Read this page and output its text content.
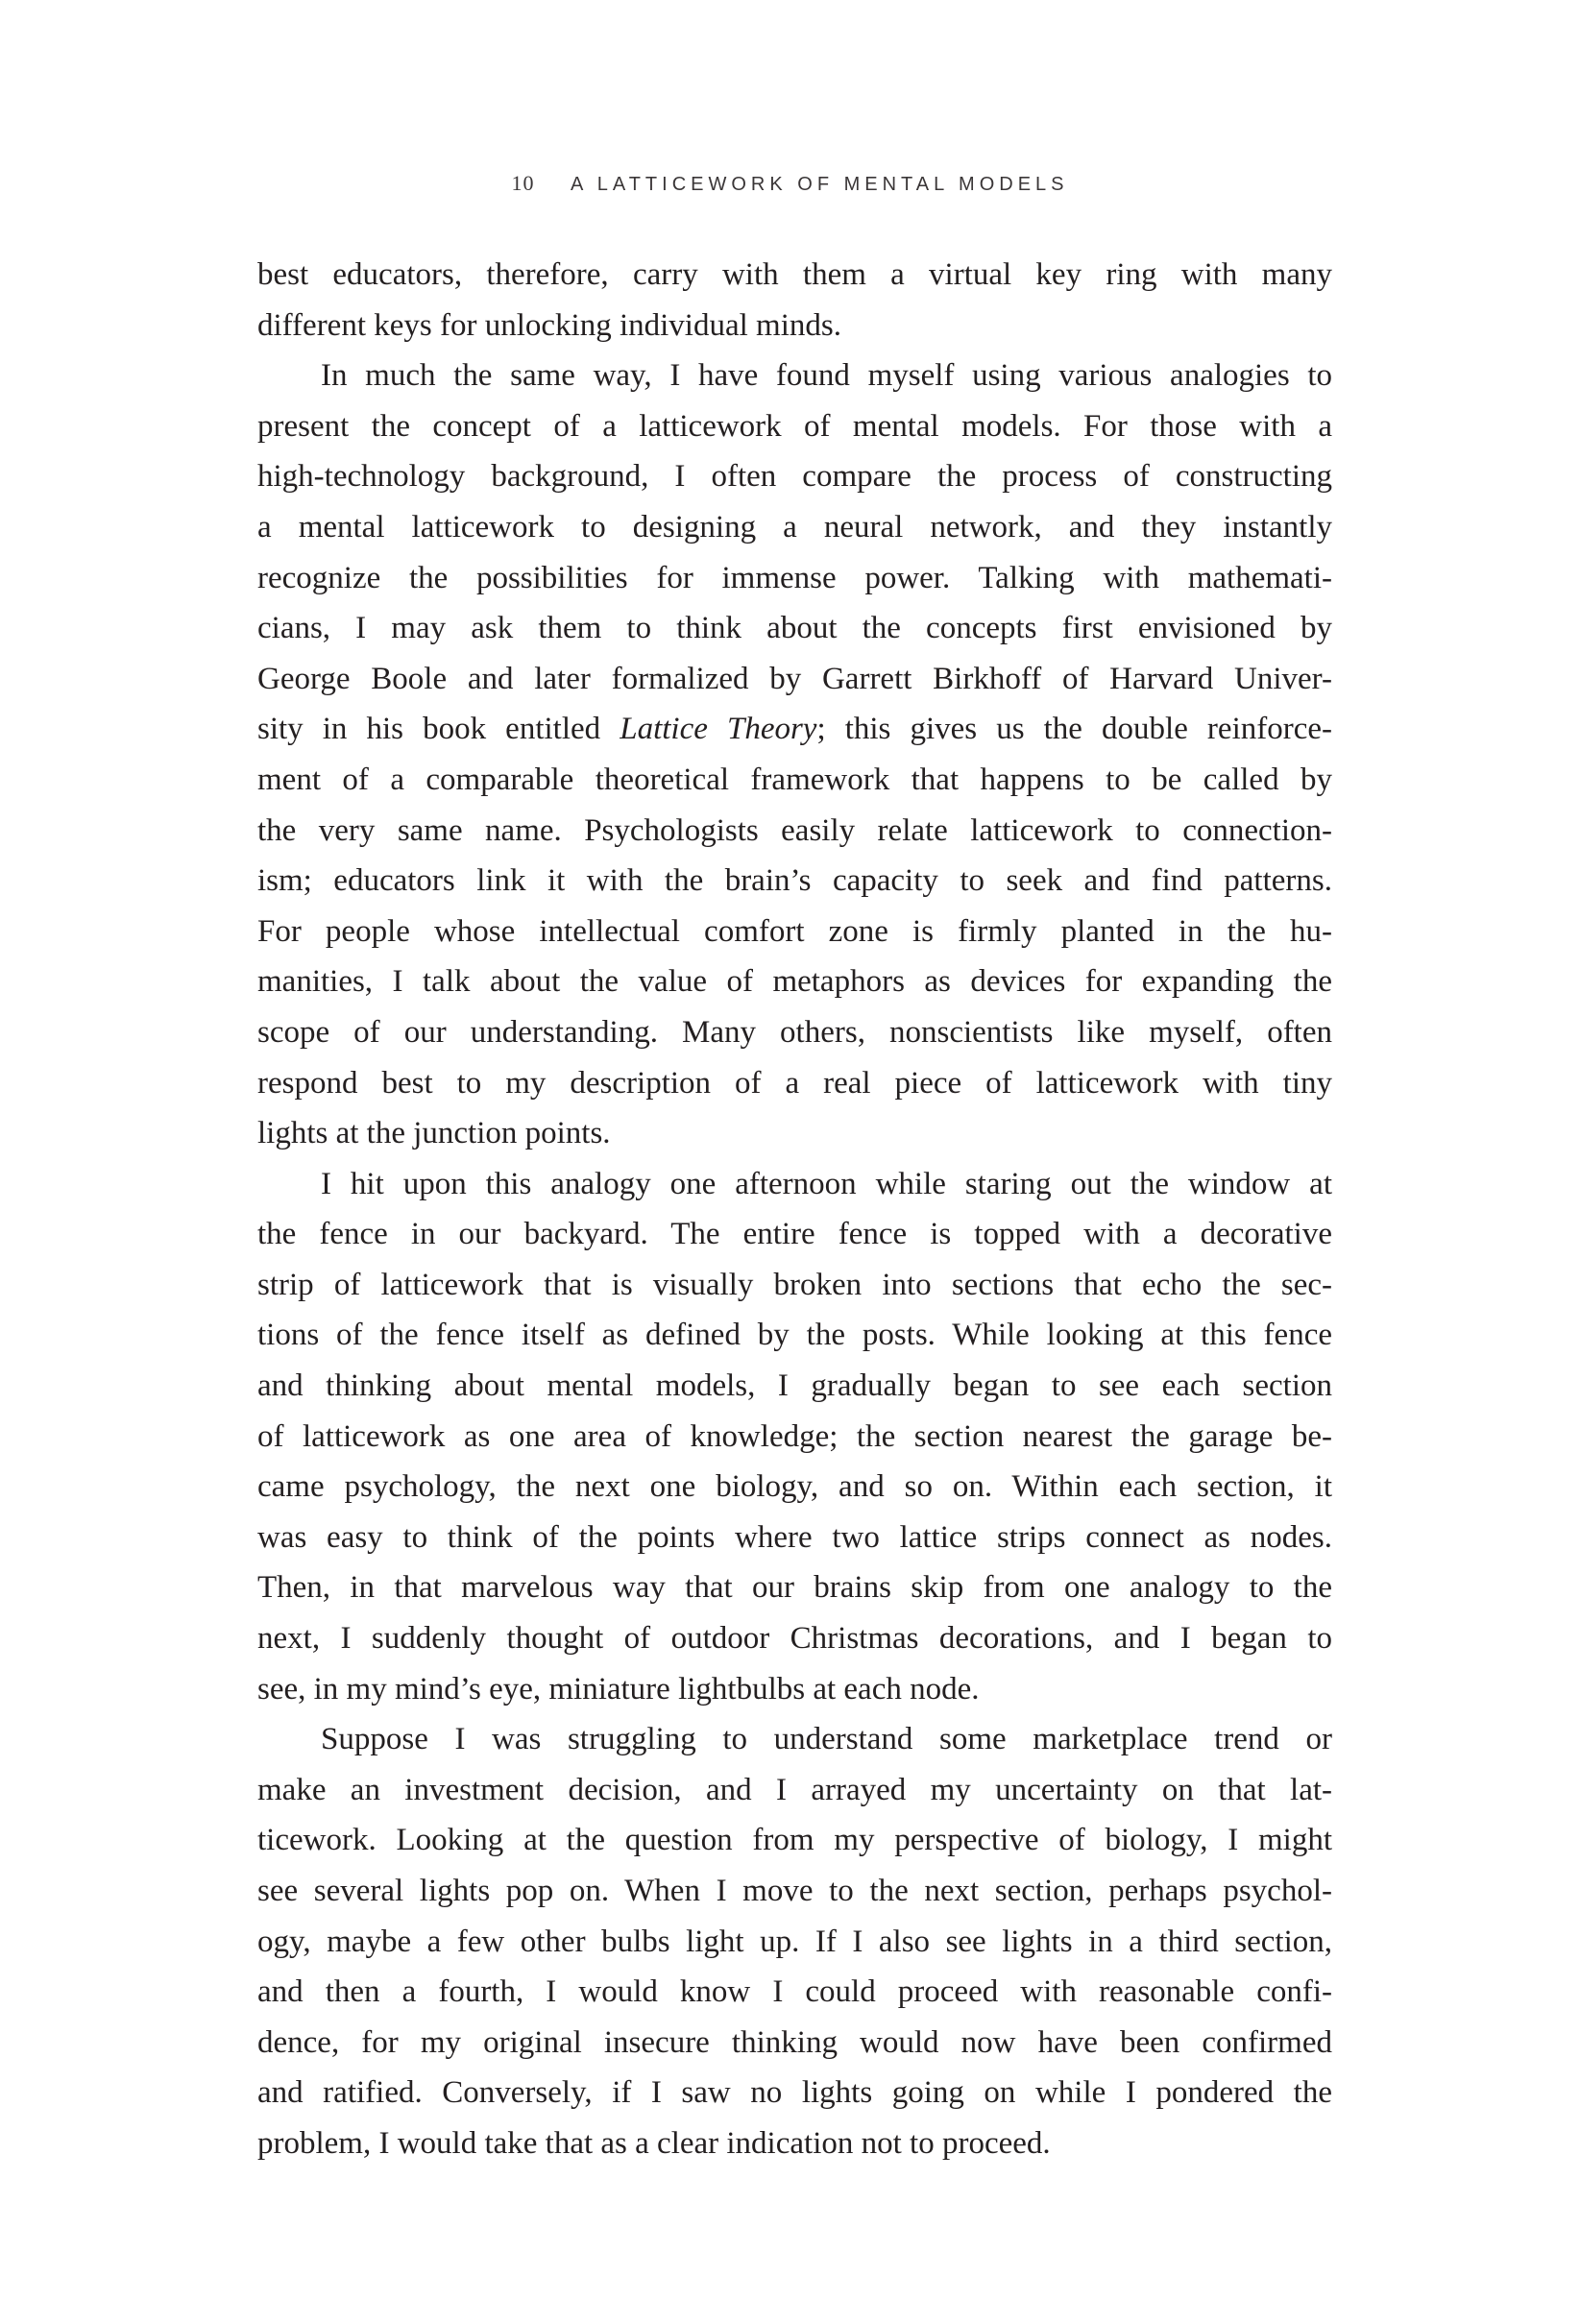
10 A LATTICEWORK OF MENTAL MODELS
best educators, therefore, carry with them a virtual key ring with many
different keys for unlocking individual minds.
In much the same way, I have found myself using various analogies to
present the concept of a latticework of mental models. For those with a
high-technology background, I often compare the process of constructing
a mental latticework to designing a neural network, and they instantly
recognize the possibilities for immense power. Talking with mathemati-
cians, I may ask them to think about the concepts first envisioned by
George Boole and later formalized by Garrett Birkhoff of Harvard Univer-
sity in his book entitled Lattice Theory; this gives us the double reinforce-
ment of a comparable theoretical framework that happens to be called by
the very same name. Psychologists easily relate latticework to connection-
ism; educators link it with the brain’s capacity to seek and find patterns.
For people whose intellectual comfort zone is firmly planted in the hu-
manities, I talk about the value of metaphors as devices for expanding the
scope of our understanding. Many others, nonscientists like myself, often
respond best to my description of a real piece of latticework with tiny
lights at the junction points.
I hit upon this analogy one afternoon while staring out the window at
the fence in our backyard. The entire fence is topped with a decorative
strip of latticework that is visually broken into sections that echo the sec-
tions of the fence itself as defined by the posts. While looking at this fence
and thinking about mental models, I gradually began to see each section
of latticework as one area of knowledge; the section nearest the garage be-
came psychology, the next one biology, and so on. Within each section, it
was easy to think of the points where two lattice strips connect as nodes.
Then, in that marvelous way that our brains skip from one analogy to the
next, I suddenly thought of outdoor Christmas decorations, and I began to
see, in my mind’s eye, miniature lightbulbs at each node.
Suppose I was struggling to understand some marketplace trend or
make an investment decision, and I arrayed my uncertainty on that lat-
ticework. Looking at the question from my perspective of biology, I might
see several lights pop on. When I move to the next section, perhaps psychol-
ogy, maybe a few other bulbs light up. If I also see lights in a third section,
and then a fourth, I would know I could proceed with reasonable confi-
dence, for my original insecure thinking would now have been confirmed
and ratified. Conversely, if I saw no lights going on while I pondered the
problem, I would take that as a clear indication not to proceed.
